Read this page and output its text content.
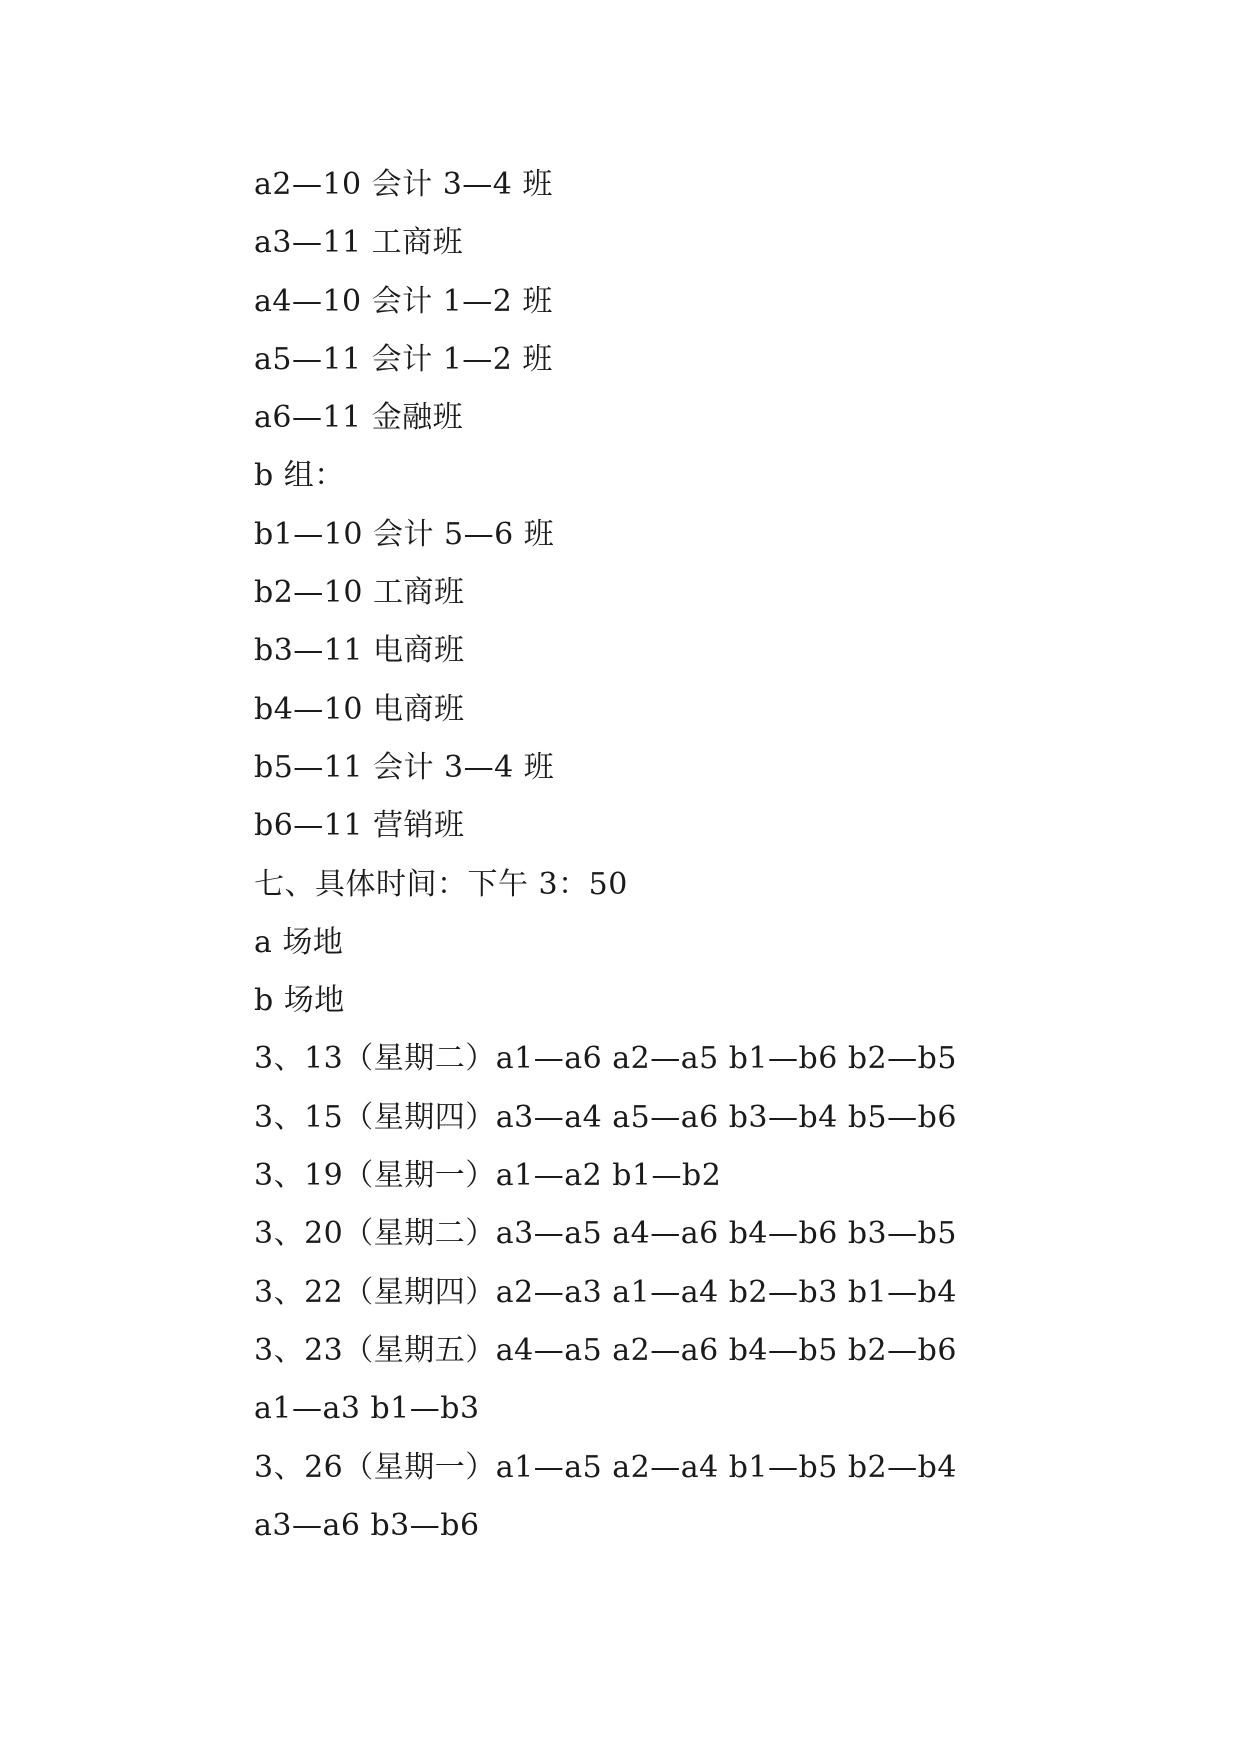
a2—10 会计 3—4 班
a3—11 工商班
a4—10 会计 1—2 班
a5—11 会计 1—2 班
a6—11 金融班
b 组：
b1—10 会计 5—6 班
b2—10 工商班
b3—11 电商班
b4—10 电商班
b5—11 会计 3—4 班
b6—11 营销班
七、具体时间：下午 3：50
a 场地
b 场地
3、13（星期二）a1—a6 a2—a5 b1—b6 b2—b5
3、15（星期四）a3—a4 a5—a6 b3—b4 b5—b6
3、19（星期一）a1—a2 b1—b2
3、20（星期二）a3—a5 a4—a6 b4—b6 b3—b5
3、22（星期四）a2—a3 a1—a4 b2—b3 b1—b4
3、23（星期五）a4—a5 a2—a6 b4—b5 b2—b6
a1—a3 b1—b3
3、26（星期一）a1—a5 a2—a4 b1—b5 b2—b4
a3—a6 b3—b6
